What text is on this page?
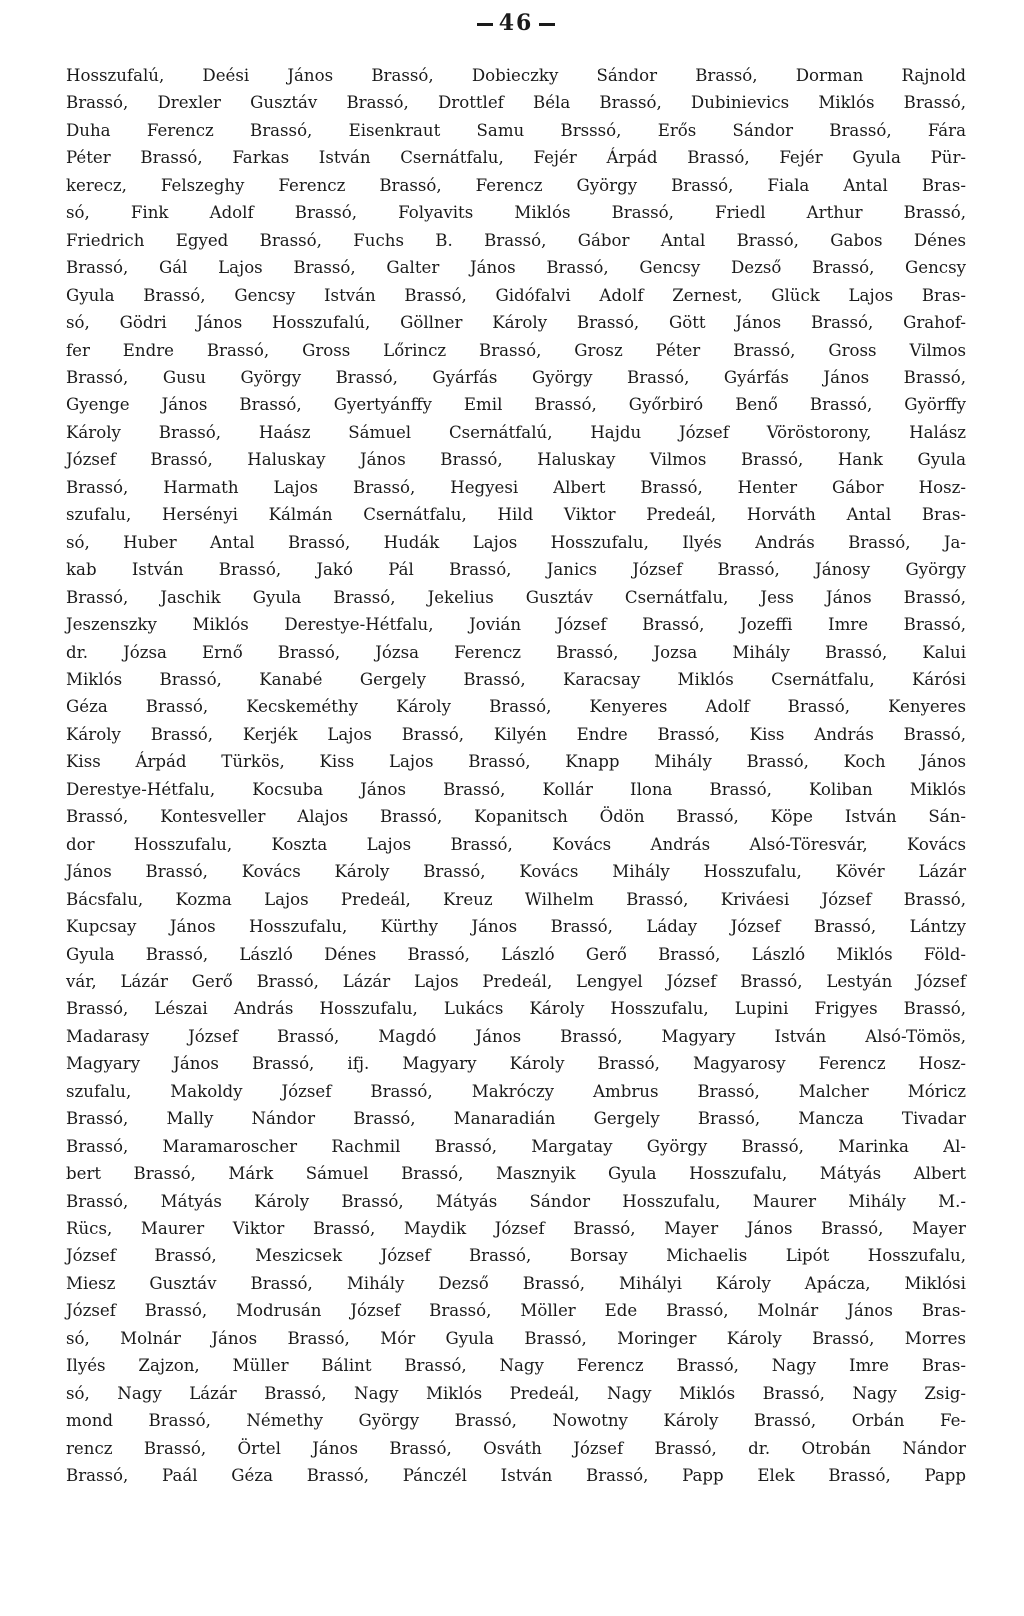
46
Hosszufalú, Deési János Brassó, Dobieczky Sándor Brassó, Dorman Rajnold
Brassó, Drexler Gusztáv Brassó, Drottlef Béla Brassó, Dubinievics Miklós Brassó,
Duha Ferencz Brassó, Eisenkraut Samu Brsssó, Erős Sándor Brassó, Fára
Péter Brassó, Farkas István Csernátfalu, Fejér Árpád Brassó, Fejér Gyula Pür-
kerecz, Felszeghy Ferencz Brassó, Ferencz György Brassó, Fiala Antal Bras-
só, Fink Adolf Brassó, Folyavits Miklós Brassó, Friedl Arthur Brassó,
Friedrich Egyed Brassó, Fuchs B. Brassó, Gábor Antal Brassó, Gabos Dénes
Brassó, Gál Lajos Brassó, Galter János Brassó, Gencsy Dezső Brassó, Gencsy
Gyula Brassó, Gencsy István Brassó, Gidófalvi Adolf Zernest, Glück Lajos Bras-
só, Gödri János Hosszufalú, Göllner Károly Brassó, Gött János Brassó, Grahof-
fer Endre Brassó, Gross Lőrincz Brassó, Grosz Péter Brassó, Gross Vilmos
Brassó, Gusu György Brassó, Gyárfás György Brassó, Gyárfás János Brassó,
Gyenge János Brassó, Gyertyánffy Emil Brassó, Győrbiró Benő Brassó, Györffy
Károly Brassó, Haász Sámuel Csernátfalú, Hajdu József Vöröstorony, Halász
József Brassó, Haluskay János Brassó, Haluskay Vilmos Brassó, Hank Gyula
Brassó, Harmath Lajos Brassó, Hegyesi Albert Brassó, Henter Gábor Hosz-
szufalu, Hersényi Kálmán Csernátfalu, Hild Viktor Predeál, Horváth Antal Bras-
só, Huber Antal Brassó, Hudák Lajos Hosszufalu, Ilyés András Brassó, Ja-
kab István Brassó, Jakó Pál Brassó, Janics József Brassó, Jánosy György
Brassó, Jaschik Gyula Brassó, Jekelius Gusztáv Csernátfalu, Jess János Brassó,
Jeszenszky Miklós Derestye-Hétfalu, Jovián József Brassó, Jozeffi Imre Brassó,
dr. Józsa Ernő Brassó, Józsa Ferencz Brassó, Jozsa Mihály Brassó, Kalui
Miklós Brassó, Kanabé Gergely Brassó, Karacsay Miklós Csernátfalu, Kárósi
Géza Brassó, Kecskeméthy Károly Brassó, Kenyeres Adolf Brassó, Kenyeres
Károly Brassó, Kerjék Lajos Brassó, Kilyén Endre Brassó, Kiss András Brassó,
Kiss Árpád Türkös, Kiss Lajos Brassó, Knapp Mihály Brassó, Koch János
Derestye-Hétfalu, Kocsuba János Brassó, Kollár Ilona Brassó, Koliban Miklós
Brassó, Kontesveller Alajos Brassó, Kopanitsch Ödön Brassó, Köpe István Sán-
dor Hosszufalu, Koszta Lajos Brassó, Kovács András Alsó-Töresvár, Kovács
János Brassó, Kovács Károly Brassó, Kovács Mihály Hosszufalu, Kövér Lázár
Bácsfalu, Kozma Lajos Predeál, Kreuz Wilhelm Brassó, Kriváesi József Brassó,
Kupcsay János Hosszufalu, Kürthy János Brassó, Láday József Brassó, Lántzy
Gyula Brassó, László Dénes Brassó, László Gerő Brassó, László Miklós Föld-
vár, Lázár Gerő Brassó, Lázár Lajos Predeál, Lengyel József Brassó, Lestyán József
Brassó, Lészai András Hosszufalu, Lukács Károly Hosszufalu, Lupini Frigyes Brassó,
Madarasy József Brassó, Magdó János Brassó, Magyary István Alsó-Tömös,
Magyary János Brassó, ifj. Magyary Károly Brassó, Magyarosy Ferencz Hosz-
szufalu, Makoldy József Brassó, Makróczy Ambrus Brassó, Malcher Móricz
Brassó, Mally Nándor Brassó, Manaradián Gergely Brassó, Mancza Tivadar
Brassó, Maramaroscher Rachmil Brassó, Margatay György Brassó, Marinka Al-
bert Brassó, Márk Sámuel Brassó, Masznyik Gyula Hosszufalu, Mátyás Albert
Brassó, Mátyás Károly Brassó, Mátyás Sándor Hosszufalu, Maurer Mihály M.-
Rücs, Maurer Viktor Brassó, Maydik József Brassó, Mayer János Brassó, Mayer
József Brassó, Meszicsek József Brassó, Borsay Michaelis Lipót Hosszufalu,
Miesz Gusztáv Brassó, Mihály Dezső Brassó, Mihályi Károly Apácza, Miklósi
József Brassó, Modrusán József Brassó, Möller Ede Brassó, Molnár János Bras-
só, Molnár János Brassó, Mór Gyula Brassó, Moringer Károly Brassó, Morres
Ilyés Zajzon, Müller Bálint Brassó, Nagy Ferencz Brassó, Nagy Imre Bras-
só, Nagy Lázár Brassó, Nagy Miklós Predeál, Nagy Miklós Brassó, Nagy Zsig-
mond Brassó, Némethy György Brassó, Nowotny Károly Brassó, Orbán Fe-
rencz Brassó, Örtel János Brassó, Osváth József Brassó, dr. Otrobán Nándor
Brassó, Paál Géza Brassó, Pánczél István Brassó, Papp Elek Brassó, Papp
